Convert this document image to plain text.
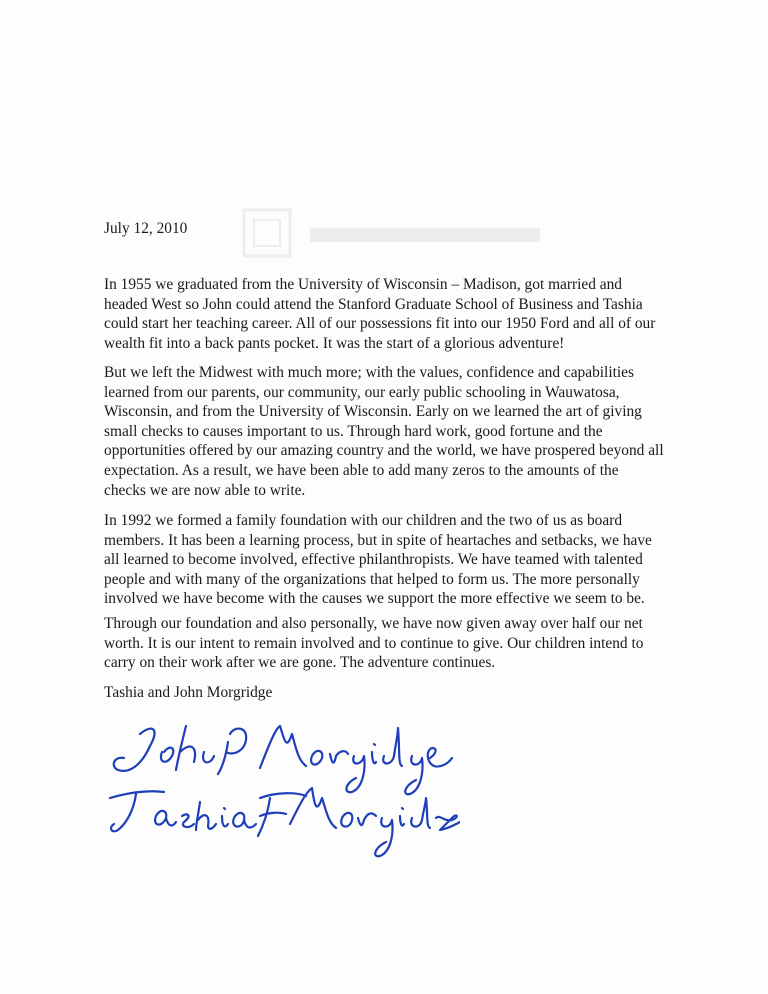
July 12, 2010

In 1955 we graduated from the University of Wisconsin – Madison, got married and headed West so John could attend the Stanford Graduate School of Business and Tashia could start her teaching career. All of our possessions fit into our 1950 Ford and all of our wealth fit into a back pants pocket. It was the start of a glorious adventure!

But we left the Midwest with much more; with the values, confidence and capabilities learned from our parents, our community, our early public schooling in Wauwatosa, Wisconsin, and from the University of Wisconsin. Early on we learned the art of giving small checks to causes important to us. Through hard work, good fortune and the opportunities offered by our amazing country and the world, we have prospered beyond all expectation. As a result, we have been able to add many zeros to the amounts of the checks we are now able to write.

In 1992 we formed a family foundation with our children and the two of us as board members. It has been a learning process, but in spite of heartaches and setbacks, we have all learned to become involved, effective philanthropists. We have teamed with talented people and with many of the organizations that helped to form us. The more personally involved we have become with the causes we support the more effective we seem to be.

Through our foundation and also personally, we have now given away over half our net worth. It is our intent to remain involved and to continue to give. Our children intend to carry on their work after we are gone. The adventure continues.

Tashia and John Morgridge
